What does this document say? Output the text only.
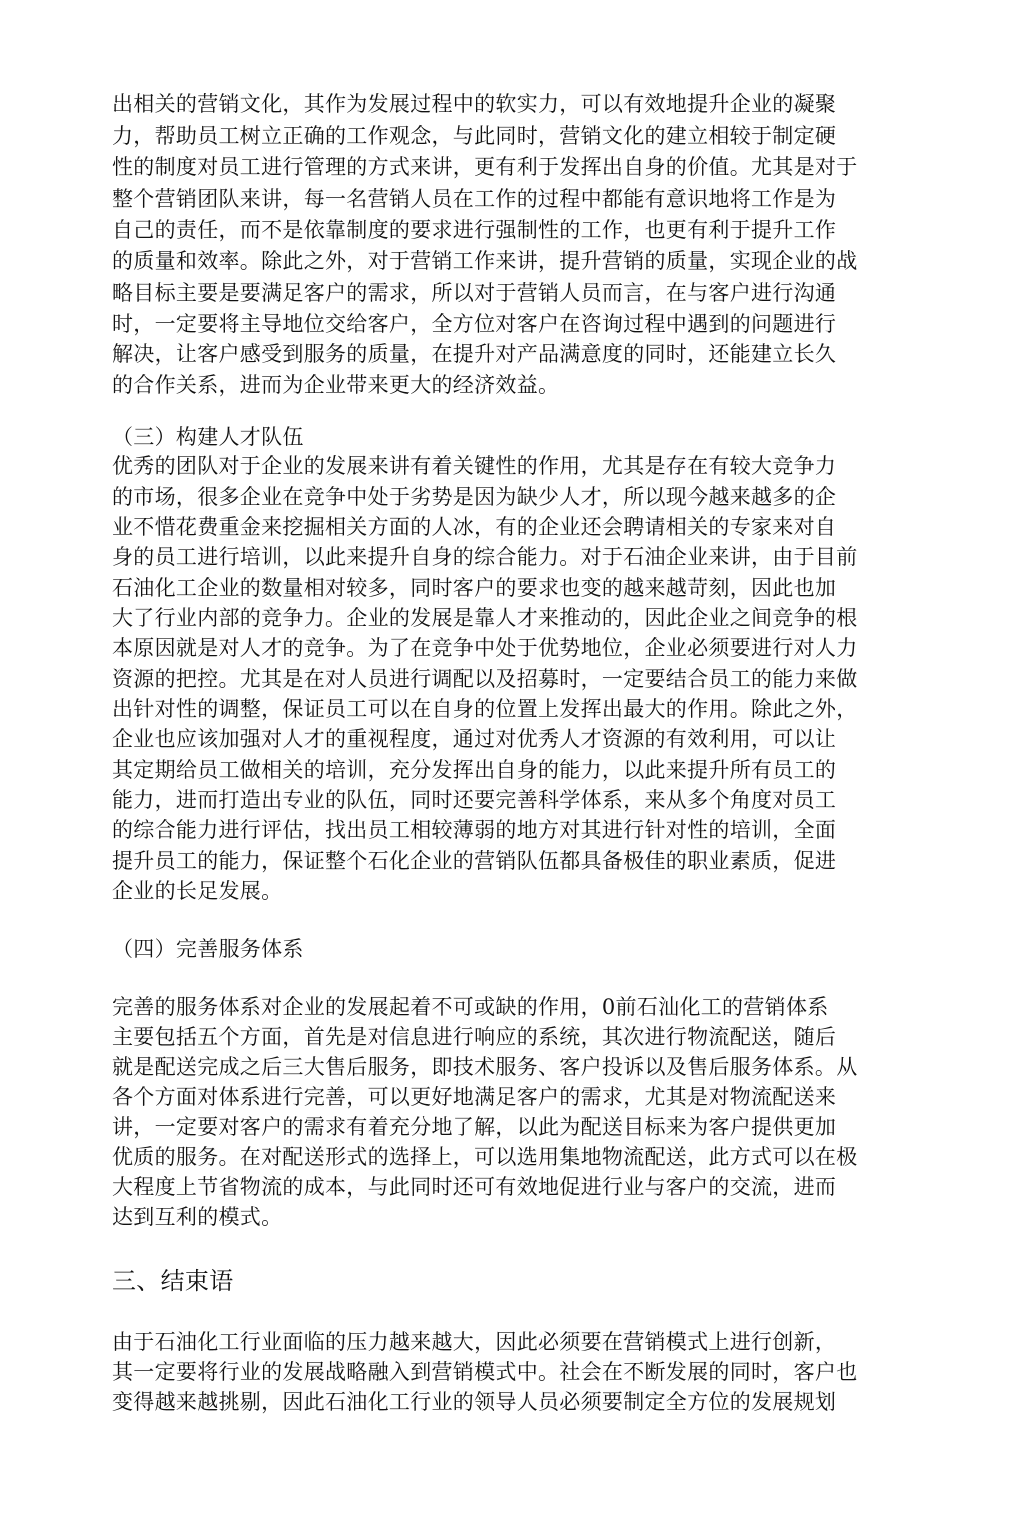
出相关的营销文化，其作为发展过程中的软实力，可以有效地提升企业的凝聚
力，帮助员工树立正确的工作观念，与此同时，营销文化的建立相较于制定硬
性的制度对员工进行管理的方式来讲，更有利于发挥出自身的价值。尤其是对于
整个营销团队来讲，每一名营销人员在工作的过程中都能有意识地将工作是为
自己的责任，而不是依靠制度的要求进行强制性的工作，也更有利于提升工作
的质量和效率。除此之外，对于营销工作来讲，提升营销的质量，实现企业的战
略目标主要是要满足客户的需求，所以对于营销人员而言，在与客户进行沟通
时，一定要将主导地位交给客户，全方位对客户在咨询过程中遇到的问题进行
解决，让客户感受到服务的质量，在提升对产品满意度的同时，还能建立长久
的合作关系，进而为企业带来更大的经济效益。
（三）构建人才队伍
优秀的团队对于企业的发展来讲有着关键性的作用，尤其是存在有较大竞争力
的市场，很多企业在竞争中处于劣势是因为缺少人才，所以现今越来越多的企
业不惜花费重金来挖掘相关方面的人冰，有的企业还会聘请相关的专家来对自
身的员工进行培训，以此来提升自身的综合能力。对于石油企业来讲，由于目前
石油化工企业的数量相对较多，同时客户的要求也变的越来越苛刻，因此也加
大了行业内部的竞争力。企业的发展是靠人才来推动的，因此企业之间竞争的根
本原因就是对人才的竞争。为了在竞争中处于优势地位，企业必须要进行对人力
资源的把控。尤其是在对人员进行调配以及招募时，一定要结合员工的能力来做
出针对性的调整，保证员工可以在自身的位置上发挥出最大的作用。除此之外，
企业也应该加强对人才的重视程度，通过对优秀人才资源的有效利用，可以让
其定期给员工做相关的培训，充分发挥出自身的能力，以此来提升所有员工的
能力，进而打造出专业的队伍，同时还要完善科学体系，来从多个角度对员工
的综合能力进行评估，找出员工相较薄弱的地方对其进行针对性的培训，全面
提升员工的能力，保证整个石化企业的营销队伍都具备极佳的职业素质，促进
企业的长足发展。
（四）完善服务体系
完善的服务体系对企业的发展起着不可或缺的作用，0前石汕化工的营销体系
主要包括五个方面，首先是对信息进行响应的系统，其次进行物流配送，随后
就是配送完成之后三大售后服务，即技术服务、客户投诉以及售后服务体系。从
各个方面对体系进行完善，可以更好地满足客户的需求，尤其是对物流配送来
讲，一定要对客户的需求有着充分地了解，以此为配送目标来为客户提供更加
优质的服务。在对配送形式的选择上，可以选用集地物流配送，此方式可以在极
大程度上节省物流的成本，与此同时还可有效地促进行业与客户的交流，进而
达到互利的模式。
三、结束语
由于石油化工行业面临的压力越来越大，因此必须要在营销模式上进行创新，
其一定要将行业的发展战略融入到营销模式中。社会在不断发展的同时，客户也
变得越来越挑剔，因此石油化工行业的领导人员必须要制定全方位的发展规划
